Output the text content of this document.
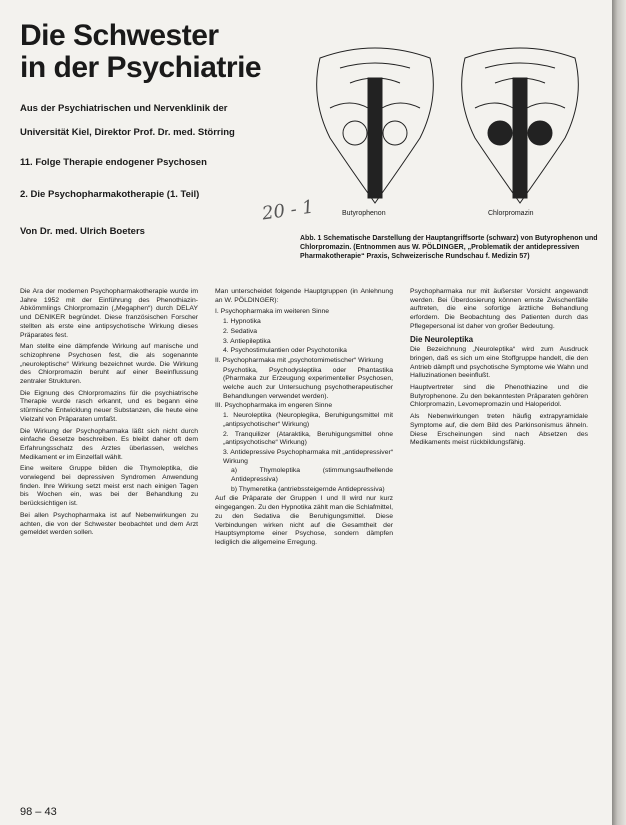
Die Schwester
in der Psychiatrie
Aus der Psychiatrischen und Nervenklinik der
Universität Kiel, Direktor Prof. Dr. med. Störring
11. Folge Therapie endogener Psychosen
2. Die Psychopharmakotherapie (1. Teil)
Von Dr. med. Ulrich Boeters
20 - 1	Butyrophenon	Chlorpromazin
Abb. 1 Schematische Darstellung der Hauptangriffsorte (schwarz) von Butyrophenon und Chlorpromazin. (Entnommen aus W. PÖLDINGER, „Problematik der antidepressiven Pharmakotherapie“ Praxis, Schweizerische Rundschau f. Medizin 57)

Die Ära der modernen Psychopharmakotherapie wurde im Jahre 1952 mit der Einführung des Phenothiazin-Abkömmlings Chlorpromazin („Megaphen“) durch DELAY und DENIKER begründet. Diese französischen Forscher stellten als erste eine antipsychotische Wirkung dieses Präparates fest.

Man stellte eine dämpfende Wirkung auf manische und schizophrene Psychosen fest, die als sogenannte „neuroleptische“ Wirkung bezeichnet wurde. Die Wirkung des Chlorpromazin beruht auf einer Beeinflussung zentraler Strukturen.

Die Eignung des Chlorpromazins für die psychiatrische Therapie wurde rasch erkannt, und es begann eine stürmische Entwicklung neuer Substanzen, die heute eine Vielzahl von Präparaten umfaßt.

Die Wirkung der Psychopharmaka läßt sich nicht durch einfache Gesetze beschreiben. Es bleibt daher oft dem Erfahrungsschatz des Arztes überlassen, welches Medikament er im Einzelfall wählt.

Eine weitere Gruppe bilden die Thymoleptika, die vorwiegend bei depressiven Syndromen Anwendung finden. Ihre Wirkung setzt meist erst nach einigen Tagen bis Wochen ein, was bei der Behandlung zu berücksichtigen ist.

Bei allen Psychopharmaka ist auf Nebenwirkungen zu achten, die von der Schwester beobachtet und dem Arzt gemeldet werden sollen.

Man unterscheidet folgende Hauptgruppen (in Anlehnung an W. PÖLDINGER):

I. Psychopharmaka im weiteren Sinne
1. Hypnotika
2. Sedativa
3. Antiepileptika
4. Psychostimulantien oder Psychotonika
II. Psychopharmaka mit „psychotomimetischer“ Wirkung
Psychotika, Psychodysleptika oder Phantastika (Pharmaka zur Erzeugung experimenteller Psychosen, welche auch zur Untersuchung psychotherapeutischer Behandlungen verwendet werden).
III. Psychopharmaka im engeren Sinne
1. Neuroleptika (Neuroplegika, Beruhigungsmittel mit „antipsychotischer“ Wirkung)
2. Tranquilizer (Ataraktika, Beruhigungsmittel ohne „antipsychotische“ Wirkung)
3. Antidepressive Psychopharmaka mit „antidepressiver“ Wirkung
a) Thymoleptika (stimmungsaufhellende Antidepressiva)
b) Thymeretika (antriebssteigernde Antidepressiva)

Auf die Präparate der Gruppen I und II wird nur kurz eingegangen. Zu den Hypnotika zählt man die Schlafmittel, zu den Sedativa die Beruhigungsmittel. Diese Verbindungen wirken nicht auf die Gesamtheit der Hauptsymptome einer Psychose, sondern dämpfen lediglich die allgemeine Erregung.

Psychopharmaka nur mit äußerster Vorsicht angewandt werden. Bei Überdosierung können ernste Zwischenfälle auftreten, die eine sofortige ärztliche Behandlung erfordern. Die Beobachtung des Patienten durch das Pflegepersonal ist daher von großer Bedeutung.

Die Neuroleptika

Die Bezeichnung „Neuroleptika“ wird zum Ausdruck bringen, daß es sich um eine Stoffgruppe handelt, die den Antrieb dämpft und psychotische Symptome wie Wahn und Halluzinationen beeinflußt.

Hauptvertreter sind die Phenothiazine und die Butyrophenone. Zu den bekanntesten Präparaten gehören Chlorpromazin, Levomepromazin und Haloperidol.

Als Nebenwirkungen treten häufig extrapyramidale Symptome auf, die dem Bild des Parkinsonismus ähneln. Diese Erscheinungen sind nach Absetzen des Medikaments meist rückbildungsfähig.

98 – 43
